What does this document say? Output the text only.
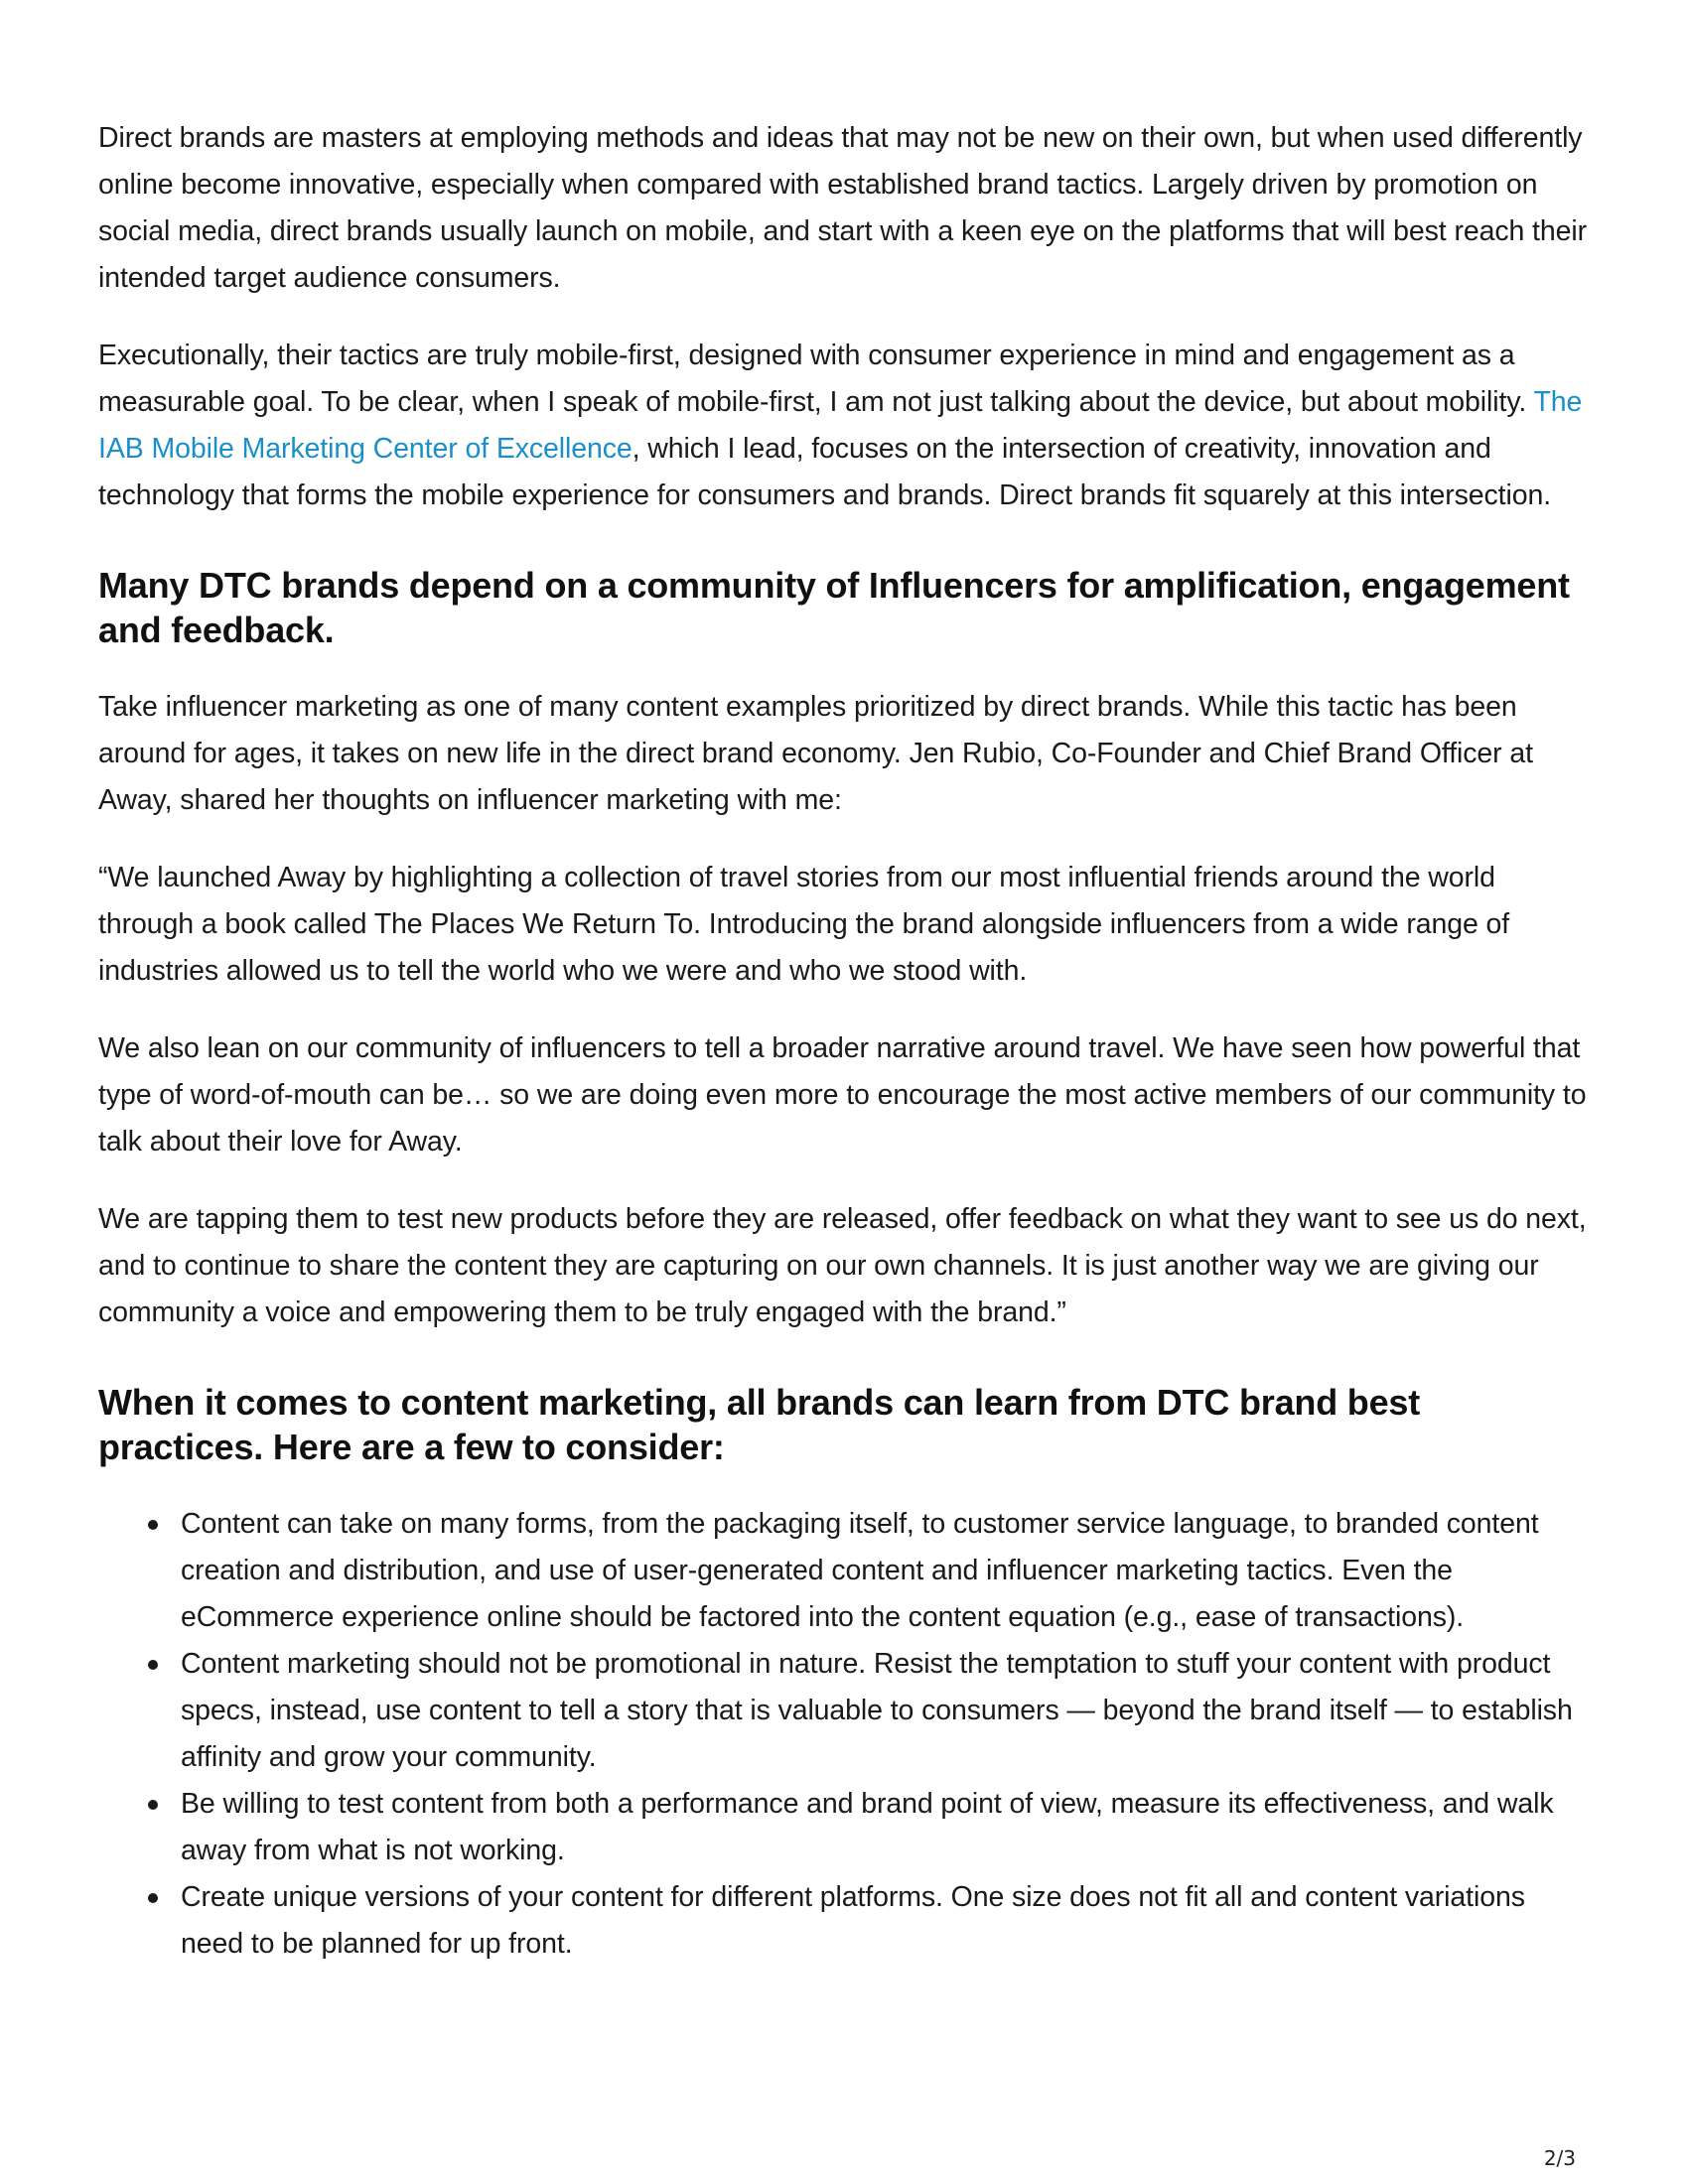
Direct brands are masters at employing methods and ideas that may not be new on their own, but when used differently online become innovative, especially when compared with established brand tactics. Largely driven by promotion on social media, direct brands usually launch on mobile, and start with a keen eye on the platforms that will best reach their intended target audience consumers.

Executionally, their tactics are truly mobile-first, designed with consumer experience in mind and engagement as a measurable goal. To be clear, when I speak of mobile-first, I am not just talking about the device, but about mobility. The IAB Mobile Marketing Center of Excellence, which I lead, focuses on the intersection of creativity, innovation and technology that forms the mobile experience for consumers and brands. Direct brands fit squarely at this intersection.

Many DTC brands depend on a community of Influencers for amplification, engagement and feedback.

Take influencer marketing as one of many content examples prioritized by direct brands. While this tactic has been around for ages, it takes on new life in the direct brand economy. Jen Rubio, Co-Founder and Chief Brand Officer at Away, shared her thoughts on influencer marketing with me:

“We launched Away by highlighting a collection of travel stories from our most influential friends around the world through a book called The Places We Return To. Introducing the brand alongside influencers from a wide range of industries allowed us to tell the world who we were and who we stood with.

We also lean on our community of influencers to tell a broader narrative around travel. We have seen how powerful that type of word-of-mouth can be… so we are doing even more to encourage the most active members of our community to talk about their love for Away.

We are tapping them to test new products before they are released, offer feedback on what they want to see us do next, and to continue to share the content they are capturing on our own channels. It is just another way we are giving our community a voice and empowering them to be truly engaged with the brand.”

When it comes to content marketing, all brands can learn from DTC brand best practices. Here are a few to consider:
Content can take on many forms, from the packaging itself, to customer service language, to branded content creation and distribution, and use of user-generated content and influencer marketing tactics. Even the eCommerce experience online should be factored into the content equation (e.g., ease of transactions).
Content marketing should not be promotional in nature. Resist the temptation to stuff your content with product specs, instead, use content to tell a story that is valuable to consumers — beyond the brand itself — to establish affinity and grow your community.
Be willing to test content from both a performance and brand point of view, measure its effectiveness, and walk away from what is not working.
Create unique versions of your content for different platforms. One size does not fit all and content variations need to be planned for up front.
2/3
